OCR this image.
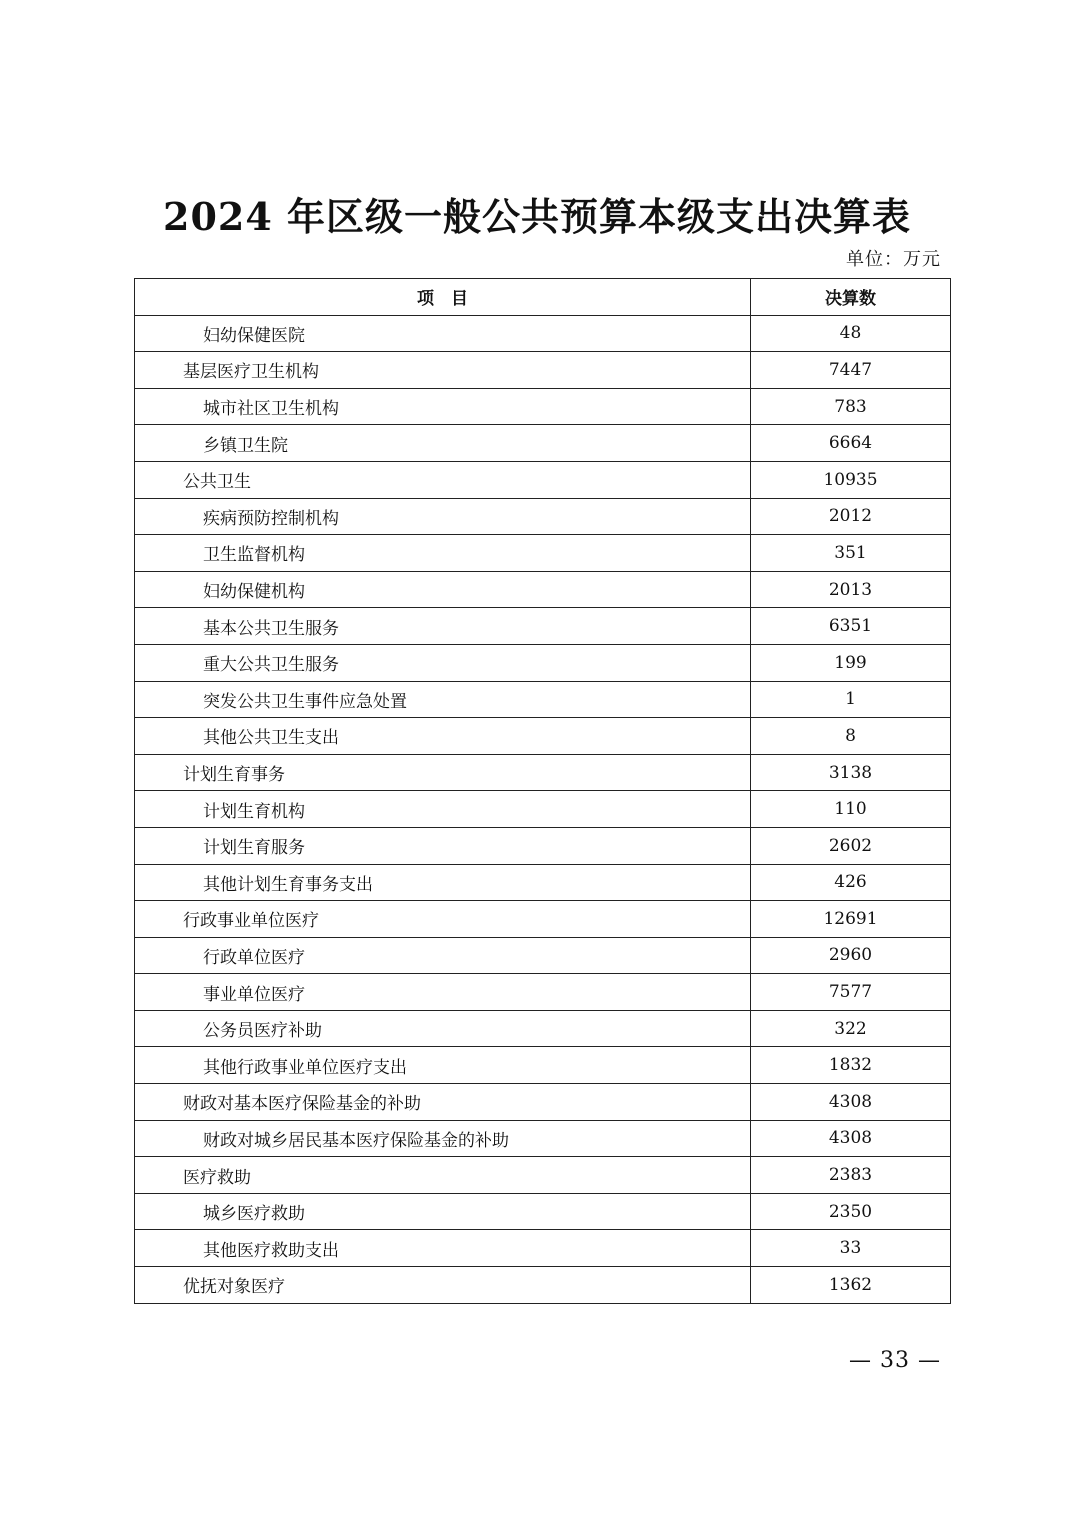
2024 年区级一般公共预算本级支出决算表
单位：万元
项　目	决算数
妇幼保健医院	48
基层医疗卫生机构	7447
城市社区卫生机构	783
乡镇卫生院	6664
公共卫生	10935
疾病预防控制机构	2012
卫生监督机构	351
妇幼保健机构	2013
基本公共卫生服务	6351
重大公共卫生服务	199
突发公共卫生事件应急处置	1
其他公共卫生支出	8
计划生育事务	3138
计划生育机构	110
计划生育服务	2602
其他计划生育事务支出	426
行政事业单位医疗	12691
行政单位医疗	2960
事业单位医疗	7577
公务员医疗补助	322
其他行政事业单位医疗支出	1832
财政对基本医疗保险基金的补助	4308
财政对城乡居民基本医疗保险基金的补助	4308
医疗救助	2383
城乡医疗救助	2350
其他医疗救助支出	33
优抚对象医疗	1362
— 33 —
